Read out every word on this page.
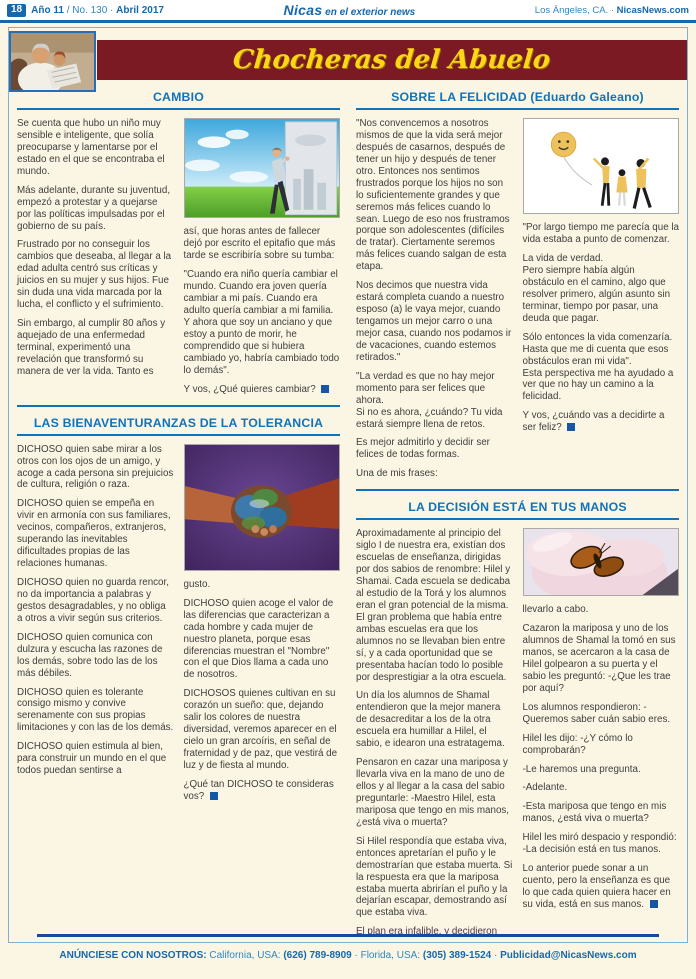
18 Año 11 / No. 130 · Abril 2017	Nicas en el exterior news	Los Ángeles, CA. · NicasNews.com
Chocheras del Abuelo
CAMBIO

Se cuenta que hubo un niño muy sensible e inteligente, que solía preocuparse y lamentarse por el estado en el que se encontraba el mundo.

Más adelante, durante su juventud, empezó a protestar y a quejarse por las políticas impulsadas por el gobierno de su país.

Frustrado por no conseguir los cambios que deseaba, al llegar a la edad adulta centró sus críticas y juicios en su mujer y sus hijos. Fue sin duda una vida marcada por la lucha, el conflicto y el sufrimiento.

Sin embargo, al cumplir 80 años y aquejado de una enfermedad terminal, experimentó una revelación que transformó su manera de ver la vida. Tanto es

así, que horas antes de fallecer dejó por escrito el epitafio que más tarde se escribiría sobre su tumba:

"Cuando era niño quería cambiar el mundo. Cuando era joven quería cambiar a mi país. Cuando era adulto quería cambiar a mi familia. Y ahora que soy un anciano y que estoy a punto de morir, he comprendido que si hubiera cambiado yo, habría cambiado todo lo demás".

Y vos, ¿Qué quieres cambiar?

LAS BIENAVENTURANZAS DE LA TOLERANCIA

DICHOSO quien sabe mirar a los otros con los ojos de un amigo, y acoge a cada persona sin prejuicios de cultura, religión o raza.

DICHOSO quien se empeña en vivir en armonía con sus familiares, vecinos, compañeros, extranjeros, superando las inevitables dificultades propias de las relaciones humanas.

DICHOSO quien no guarda rencor, no da importancia a palabras y gestos desagradables, y no obliga a otros a vivir según sus criterios.

DICHOSO quien comunica con dulzura y escucha las razones de los demás, sobre todo las de los más débiles.

DICHOSO quien es tolerante consigo mismo y convive serenamente con sus propias limitaciones y con las de los demás.

DICHOSO quien estimula al bien, para construir un mundo en el que todos puedan sentirse a

gusto.

DICHOSO quien acoge el valor de las diferencias que caracterizan a cada hombre y cada mujer de nuestro planeta, porque esas diferencias muestran el "Nombre" con el que Dios llama a cada uno de nosotros.

DICHOSOS quienes cultivan en su corazón un sueño: que, dejando salir los colores de nuestra diversidad, veremos aparecer en el cielo un gran arcoíris, en señal de fraternidad y de paz, que vestirá de luz y de fiesta al mundo.

¿Qué tan DICHOSO te consideras vos?

SOBRE LA FELICIDAD (Eduardo Galeano)

"Nos convencemos a nosotros mismos de que la vida será mejor después de casarnos, después de tener un hijo y después de tener otro. Entonces nos sentimos frustrados porque los hijos no son lo suficientemente grandes y que seremos más felices cuando lo sean. Luego de eso nos frustramos porque son adolescentes (difíciles de tratar). Ciertamente seremos más felices cuando salgan de esta etapa.

Nos decimos que nuestra vida estará completa cuando a nuestro esposo (a) le vaya mejor, cuando tengamos un mejor carro o una mejor casa, cuando nos podamos ir de vacaciones, cuando estemos retirados."

"La verdad es que no hay mejor momento para ser felices que ahora.
Si no es ahora, ¿cuándo? Tu vida estará siempre llena de retos.

Es mejor admitirlo y decidir ser felices de todas formas.

Una de mis frases:

"Por largo tiempo me parecía que la vida estaba a punto de comenzar.

La vida de verdad.
Pero siempre había algún obstáculo en el camino, algo que resolver primero, algún asunto sin terminar, tiempo por pasar, una deuda que pagar.

Sólo entonces la vida comenzaría. Hasta que me di cuenta que esos obstáculos eran mi vida".
Esta perspectiva me ha ayudado a ver que no hay un camino a la felicidad.

Y vos, ¿cuándo vas a decidirte a ser feliz?

LA DECISIÓN ESTÁ EN TUS MANOS

Aproximadamente al principio del siglo I de nuestra era, existían dos escuelas de enseñanza, dirigidas por dos sabios de renombre: Hilel y Shamai. Cada escuela se dedicaba al estudio de la Torá y los alumnos eran el gran potencial de la misma. El gran problema que había entre ambas escuelas era que los alumnos no se llevaban bien entre sí, y a cada oportunidad que se presentaba hacían todo lo posible por desprestigiar a la otra escuela.

Un día los alumnos de Shamal entendieron que la mejor manera de desacreditar a los de la otra escuela era humillar a Hilel, el sabio, e idearon una estratagema.

Pensaron en cazar una mariposa y llevarla viva en la mano de uno de ellos y al llegar a la casa del sabio preguntarle: -Maestro Hilel, esta mariposa que tengo en mis manos, ¿está viva o muerta?

Si Hilel respondía que estaba viva, entonces apretarían el puño y le demostrarían que estaba muerta. Si la respuesta era que la mariposa estaba muerta abrirían el puño y la dejarían escapar, demostrando así que estaba viva.

El plan era infalible, y decidieron

llevarlo a cabo.

Cazaron la mariposa y uno de los alumnos de Shamal la tomó en sus manos, se acercaron a la casa de Hilel golpearon a su puerta y el sabio les preguntó: -¿Que les trae por aquí?

Los alumnos respondieron: -Queremos saber cuán sabio eres.

Hilel les dijo: -¿Y cómo lo comprobarán?

-Le haremos una pregunta.

-Adelante.

-Esta mariposa que tengo en mis manos, ¿está viva o muerta?

Hilel les miró despacio y respondió: -La decisión está en tus manos.

Lo anterior puede sonar a un cuento, pero la enseñanza es que lo que cada quien quiera hacer en su vida, está en sus manos.

ANÚNCIESE CON NOSOTROS: California, USA: (626) 789-8909 · Florida, USA: (305) 389-1524 · Publicidad@NicasNews.com
